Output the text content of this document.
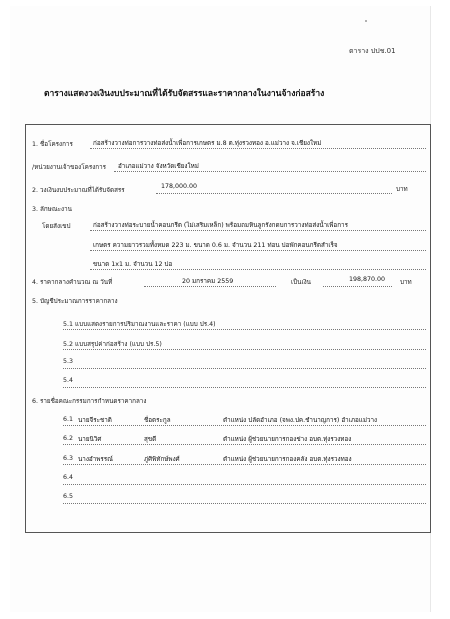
ตาราง ปปช.01
ตารางแสดงวงเงินงบประมาณที่ได้รับจัดสรรและราคากลางในงานจ้างก่อสร้าง
1. ชื่อโครงการ	ก่อสร้างวางท่อการวางท่อส่งน้ำเพื่อการเกษตร ม.8 ต.ทุ่งรวงทอง อ.แม่วาง จ.เชียงใหม่
/หน่วยงานเจ้าของโครงการ อำเภอแม่วาง จังหวัดเชียงใหม่
2. วงเงินงบประมาณที่ได้รับจัดสรร
178,000.00	บาท
3. ลักษณะงาน
โดยสังเขป	ก่อสร้างวางท่อระบายน้ำคอนกรีต (ไม่เสริมเหล็ก) พร้อมถมหินลูกรังกดบการวางท่อส่งน้ำเพื่อการ
เกษตร ความยาวรวมทั้งหมด 223 ม. ขนาด 0.6 ม. จำนวน 211 ท่อน บ่อพักคอนกรีตสำเร็จ
ขนาด 1x1 ม. จำนวน 12 บ่อ
4. ราคากลางคำนวณ ณ วันที่	20 มกราคม 2559	เป็นเงิน	198,870.00 บาท
5. บัญชีประมาณการราคากลาง
5.1 แบบแสดงรายการปริมาณงานและราคา (แบบ ปร.4)
5.2 แบบสรุปค่าก่อสร้าง (แบบ ปร.5)
5.3
5.4
6. รายชื่อคณะกรรมการกำหนดราคากลาง
6.1 นายจีระชาติ	ชื่อตระกูล	ตำแหน่ง ปลัดอำเภอ (จพง.ปค.ชำนาญการ) อำเภอแม่วาง
6.2 นายนิวิศ	สุขดี	ตำแหน่ง ผู้ช่วยนายการกองช่าง อบต.ทุ่งรวงทอง
6.3 นางอำพรรณ์	ภู่ศิพิทักษ์พงศ์	ตำแหน่ง ผู้ช่วยนายการกองคลัง อบต.ทุ่งรวงทอง
6.4
6.5
